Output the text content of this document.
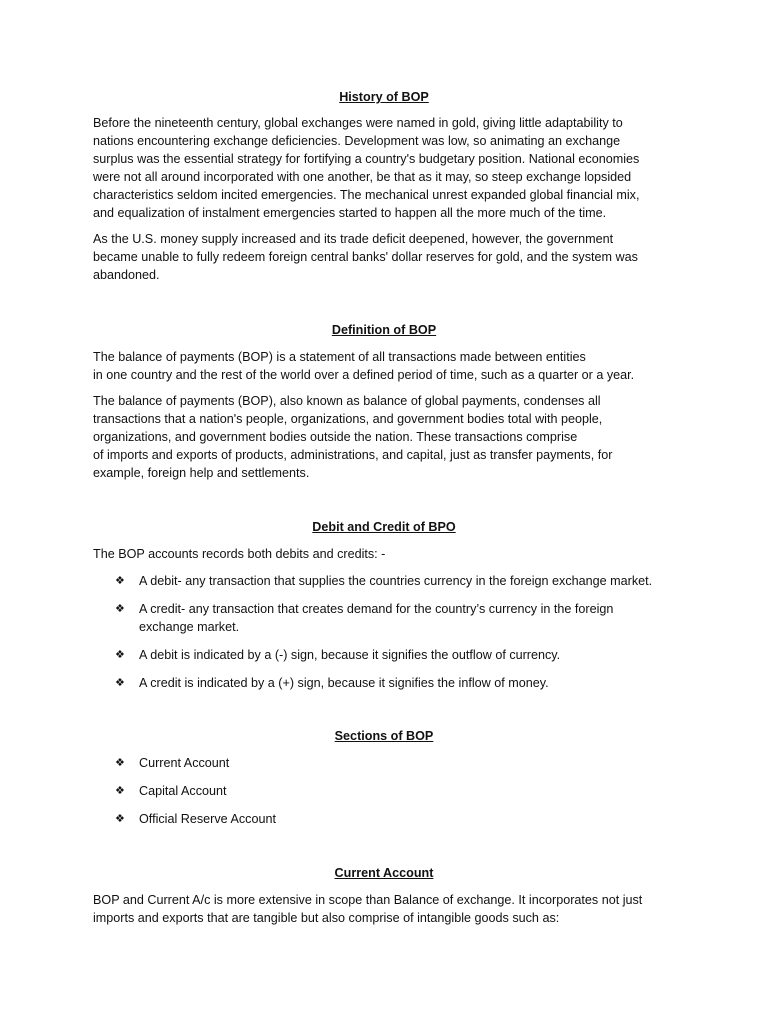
History of BOP

Before the nineteenth century, global exchanges were named in gold, giving little adaptability to
nations encountering exchange deficiencies. Development was low, so animating an exchange
surplus was the essential strategy for fortifying a country's budgetary position. National economies
were not all around incorporated with one another, be that as it may, so steep exchange lopsided
characteristics seldom incited emergencies. The mechanical unrest expanded global financial mix,
and equalization of instalment emergencies started to happen all the more much of the time.

As the U.S. money supply increased and its trade deficit deepened, however, the government
became unable to fully redeem foreign central banks' dollar reserves for gold, and the system was
abandoned.

Definition of BOP

The balance of payments (BOP) is a statement of all transactions made between entities
in one country and the rest of the world over a defined period of time, such as a quarter or a year.

The balance of payments (BOP), also known as balance of global payments, condenses all
transactions that a nation's people, organizations, and government bodies total with people,
organizations, and government bodies outside the nation. These transactions comprise
of imports and exports of products, administrations, and capital, just as transfer payments, for
example, foreign help and settlements.

Debit and Credit of BPO

The BOP accounts records both debits and credits: -

❖ A debit- any transaction that supplies the countries currency in the foreign exchange market.
❖ A credit- any transaction that creates demand for the country’s currency in the foreign
exchange market.
❖ A debit is indicated by a (-) sign, because it signifies the outflow of currency.
❖ A credit is indicated by a (+) sign, because it signifies the inflow of money.
Sections of BOP
❖ Current Account
❖ Capital Account
❖ Official Reserve Account
Current Account

BOP and Current A/c is more extensive in scope than Balance of exchange. It incorporates not just
imports and exports that are tangible but also comprise of intangible goods such as:
